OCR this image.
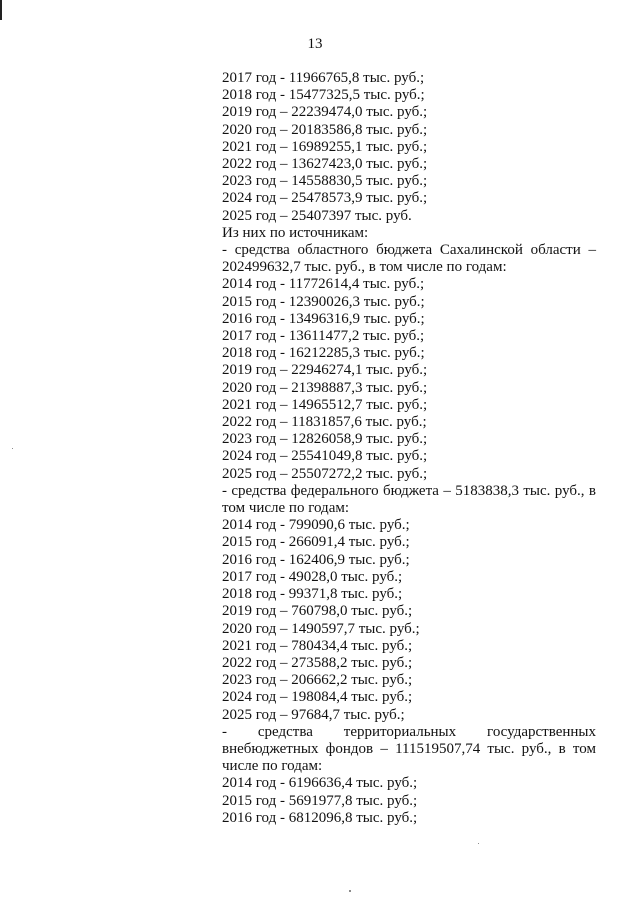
13
2017 год - 11966765,8 тыс. руб.;
2018 год - 15477325,5 тыс. руб.;
2019 год – 22239474,0 тыс. руб.;
2020 год – 20183586,8 тыс. руб.;
2021 год – 16989255,1 тыс. руб.;
2022 год – 13627423,0 тыс. руб.;
2023 год – 14558830,5 тыс. руб.;
2024 год – 25478573,9 тыс. руб.;
2025 год – 25407397 тыс. руб.
Из них по источникам:
- средства областного бюджета Сахалинской области – 202499632,7 тыс. руб., в том числе по годам:
2014 год - 11772614,4 тыс. руб.;
2015 год - 12390026,3 тыс. руб.;
2016 год - 13496316,9 тыс. руб.;
2017 год - 13611477,2 тыс. руб.;
2018 год - 16212285,3 тыс. руб.;
2019 год – 22946274,1 тыс. руб.;
2020 год – 21398887,3 тыс. руб.;
2021 год – 14965512,7 тыс. руб.;
2022 год – 11831857,6 тыс. руб.;
2023 год – 12826058,9 тыс. руб.;
2024 год – 25541049,8 тыс. руб.;
2025 год – 25507272,2 тыс. руб.;
- средства федерального бюджета – 5183838,3 тыс. руб., в том числе по годам:
2014 год - 799090,6 тыс. руб.;
2015 год - 266091,4 тыс. руб.;
2016 год - 162406,9 тыс. руб.;
2017 год - 49028,0 тыс. руб.;
2018 год - 99371,8 тыс. руб.;
2019 год – 760798,0 тыс. руб.;
2020 год – 1490597,7 тыс. руб.;
2021 год – 780434,4 тыс. руб.;
2022 год – 273588,2 тыс. руб.;
2023 год – 206662,2 тыс. руб.;
2024 год – 198084,4 тыс. руб.;
2025 год – 97684,7 тыс. руб.;
- средства территориальных государственных внебюджетных фондов – 111519507,74 тыс. руб., в том числе по годам:
2014 год - 6196636,4 тыс. руб.;
2015 год - 5691977,8 тыс. руб.;
2016 год - 6812096,8 тыс. руб.;
